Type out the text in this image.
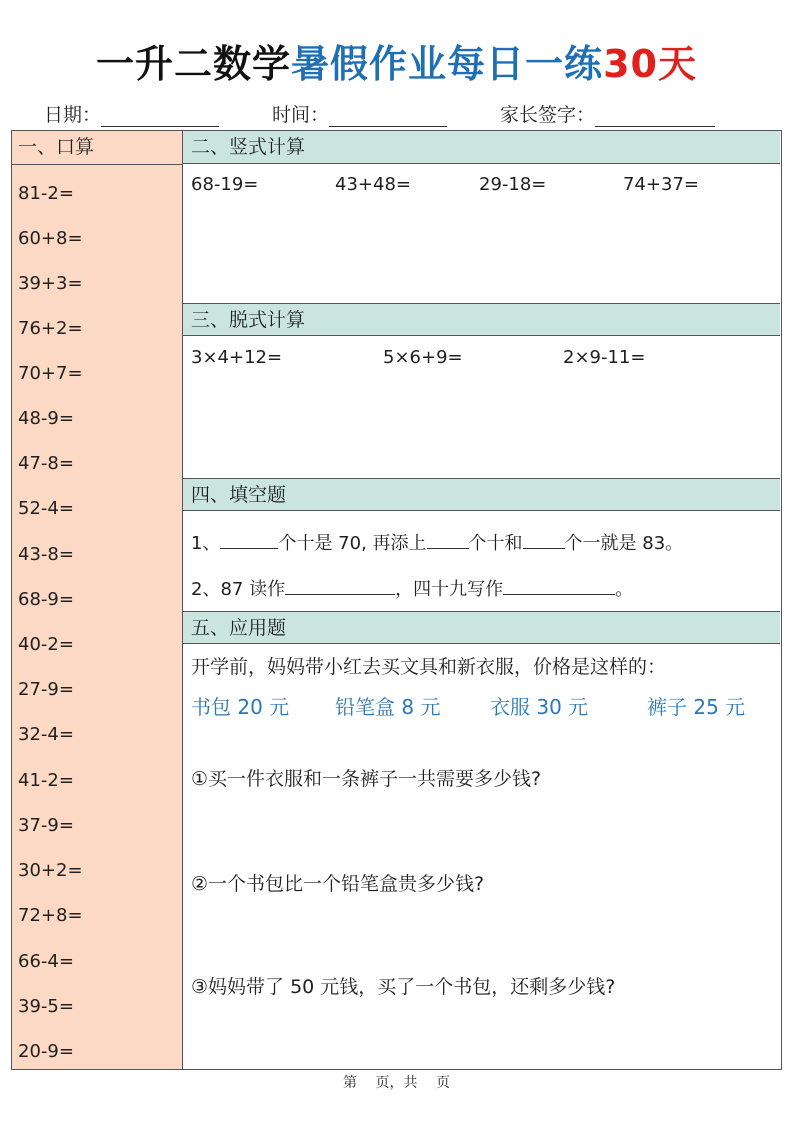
一升二数学暑假作业每日一练30天
日期：	时间：	家长签字：
一、口算
81-2=
60+8=
39+3=
76+2=
70+7=
48-9=
47-8=
52-4=
43-8=
68-9=
40-2=
27-9=
32-4=
41-2=
37-9=
30+2=
72+8=
66-4=
39-5=
20-9=
二、竖式计算
68-19=	43+48=	29-18=	74+37=
三、脱式计算
3×4+12=	5×6+9=	2×9-11=
四、填空题
1、	个十是 70, 再添上 个十和 个一就是 83。
2、87 读作	，四十九写作	。
五、应用题
开学前，妈妈带小红去买文具和新衣服，价格是这样的：
书包 20 元 铅笔盒 8 元 衣服 30 元	裤子 25 元
①买一件衣服和一条裤子一共需要多少钱?
②一个书包比一个铅笔盒贵多少钱?
③妈妈带了 50 元钱，买了一个书包，还剩多少钱?
第　 页，共　 页
